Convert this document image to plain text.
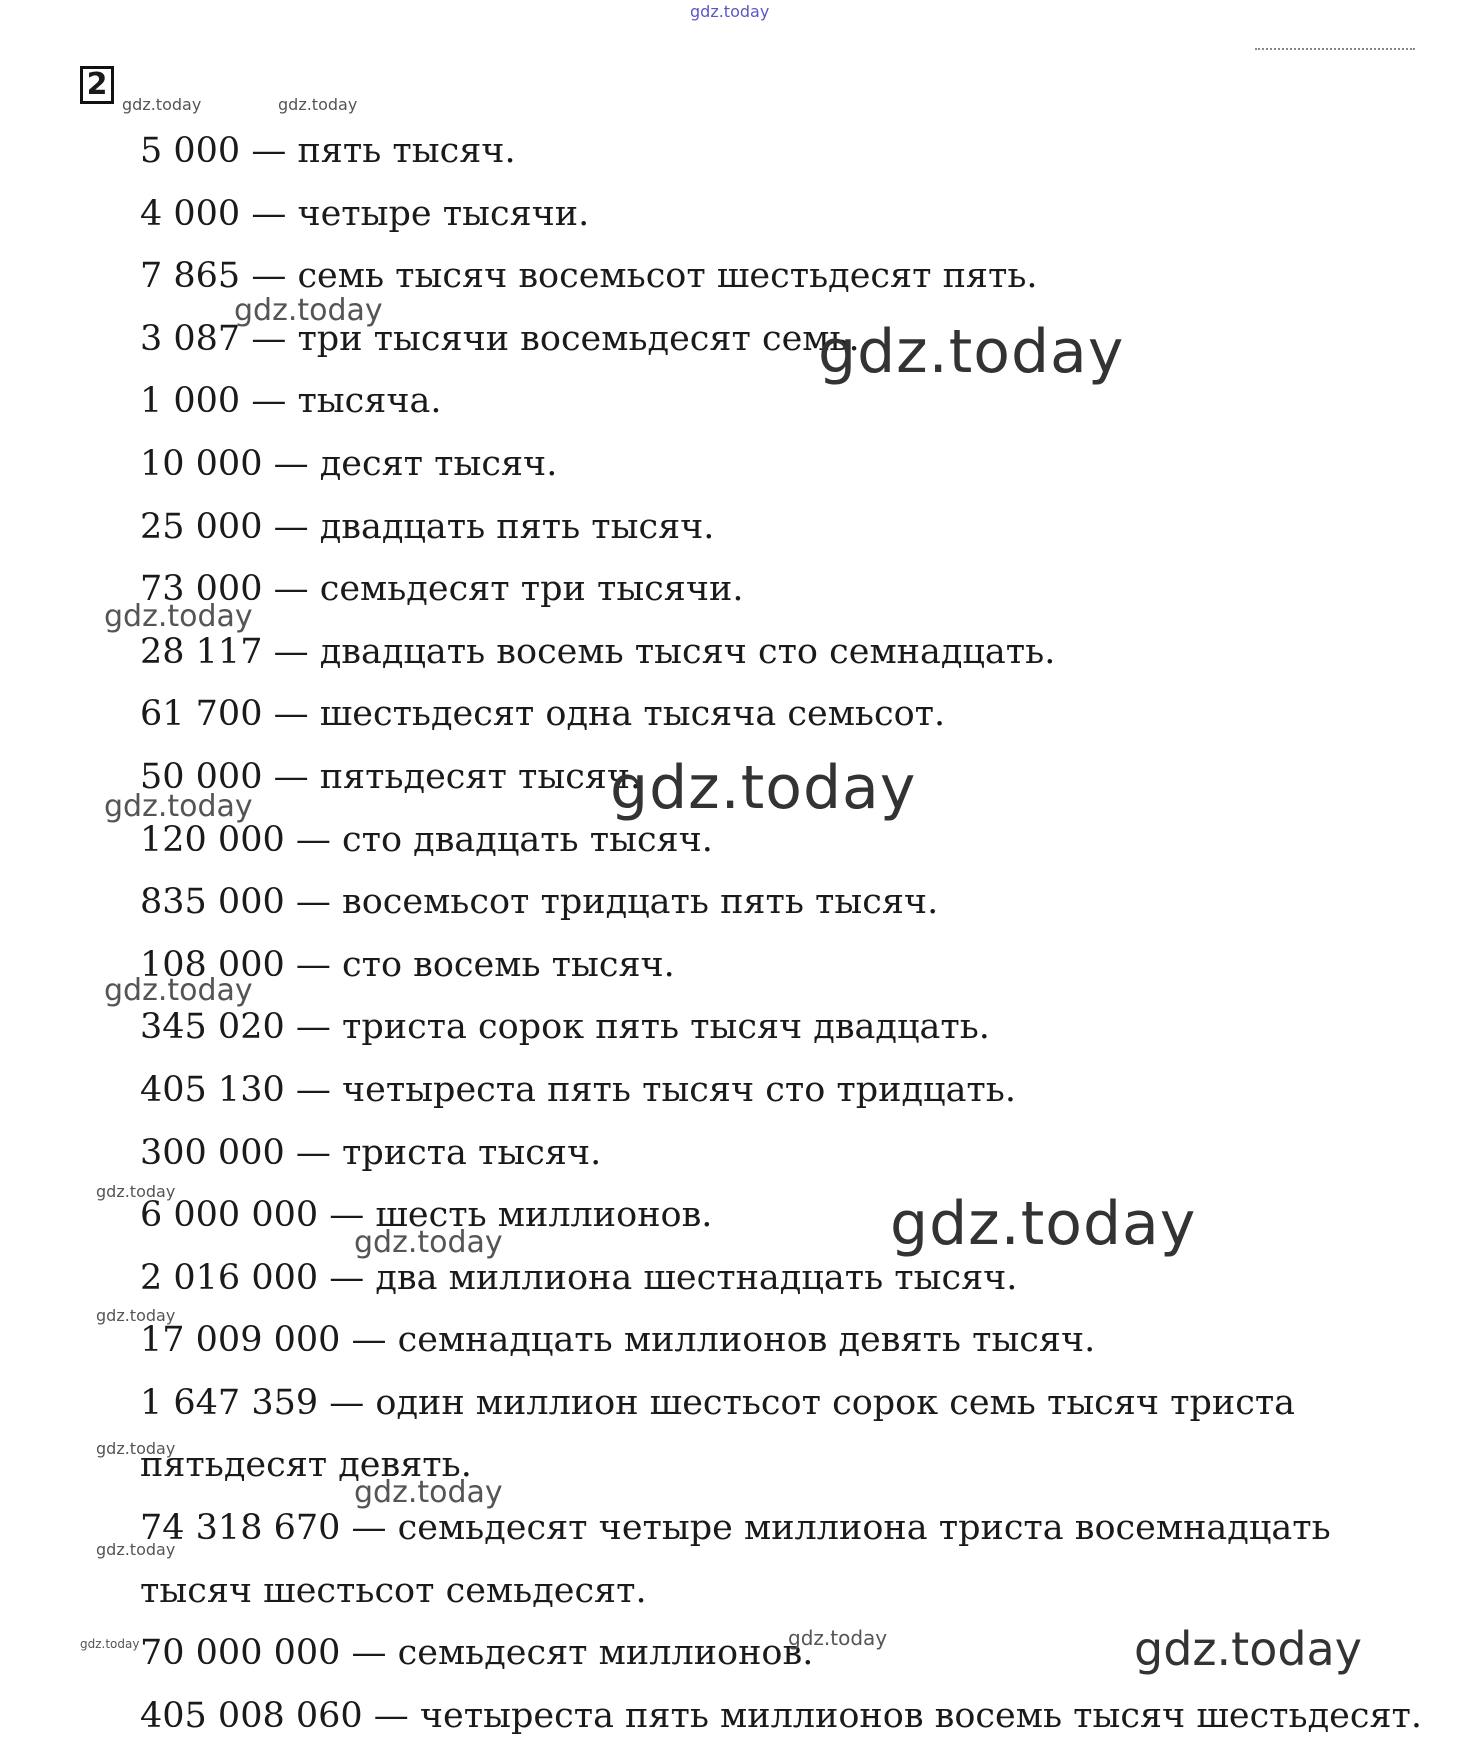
gdz.today
2
5 000 — пять тысяч.
4 000 — четыре тысячи.
7 865 — семь тысяч восемьсот шестьдесят пять.
3 087 — три тысячи восемьдесят семь.
1 000 — тысяча.
10 000 — десят тысяч.
25 000 — двадцать пять тысяч.
73 000 — семьдесят три тысячи.
28 117 — двадцать восемь тысяч сто семнадцать.
61 700 — шестьдесят одна тысяча семьсот.
50 000 — пятьдесят тысяч.
120 000 — сто двадцать тысяч.
835 000 — восемьсот тридцать пять тысяч.
108 000 — сто восемь тысяч.
345 020 — триста сорок пять тысяч двадцать.
405 130 — четыреста пять тысяч сто тридцать.
300 000 — триста тысяч.
6 000 000 — шесть миллионов.
2 016 000 — два миллиона шестнадцать тысяч.
17 009 000 — семнадцать миллионов девять тысяч.
1 647 359 — один миллион шестьсот сорок семь тысяч триста
пятьдесят девять.
74 318 670 — семьдесят четыре миллиона триста восемнадцать
тысяч шестьсот семьдесят.
70 000 000 — семьдесят миллионов.
405 008 060 — четыреста пять миллионов восемь тысяч шестьдесят.
gdz.today	gdz.today
gdz.today
gdz.today
gdz.today
gdz.today
gdz.today
gdz.today
gdz.today	gdz.today
gdz.today
gdz.today
gdz.today
gdz.today
gdz.today
gdz.today	gdz.today	gdz.today
